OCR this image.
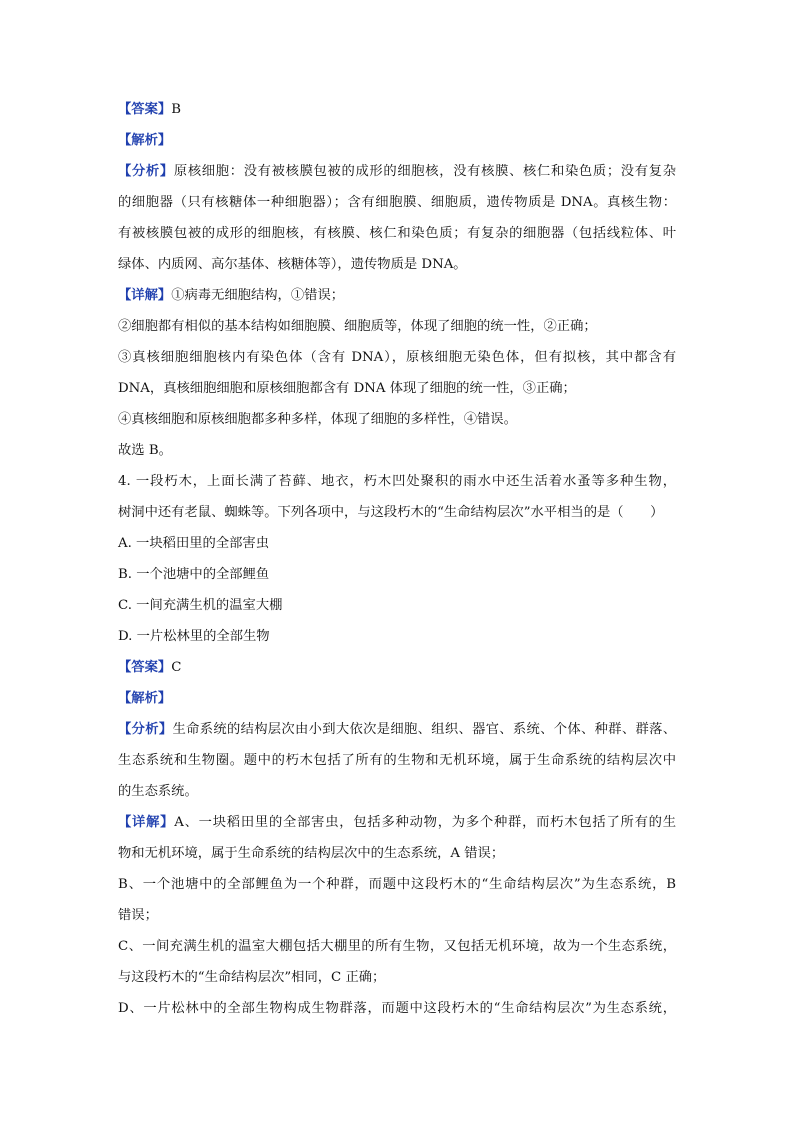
【答案】B
【解析】
【分析】原核细胞：没有被核膜包被的成形的细胞核，没有核膜、核仁和染色质；没有复杂
的细胞器（只有核糖体一种细胞器）；含有细胞膜、细胞质，遗传物质是 DNA。真核生物：
有被核膜包被的成形的细胞核，有核膜、核仁和染色质；有复杂的细胞器（包括线粒体、叶
绿体、内质网、高尔基体、核糖体等），遗传物质是 DNA。
【详解】①病毒无细胞结构，①错误；
②细胞都有相似的基本结构如细胞膜、细胞质等，体现了细胞的统一性，②正确；
③真核细胞细胞核内有染色体（含有 DNA），原核细胞无染色体，但有拟核，其中都含有
DNA，真核细胞细胞和原核细胞都含有 DNA 体现了细胞的统一性，③正确；
④真核细胞和原核细胞都多种多样，体现了细胞的多样性，④错误。
故选 B。
4. 一段朽木，上面长满了苔藓、地衣，朽木凹处聚积的雨水中还生活着水蚤等多种生物，
树洞中还有老鼠、蜘蛛等。下列各项中，与这段朽木的“生命结构层次”水平相当的是（　　）
A. 一块稻田里的全部害虫
B. 一个池塘中的全部鲤鱼
C. 一间充满生机的温室大棚
D. 一片松林里的全部生物
【答案】C
【解析】
【分析】生命系统的结构层次由小到大依次是细胞、组织、器官、系统、个体、种群、群落、
生态系统和生物圈。题中的朽木包括了所有的生物和无机环境，属于生命系统的结构层次中
的生态系统。
【详解】A、一块稻田里的全部害虫，包括多种动物，为多个种群，而朽木包括了所有的生
物和无机环境，属于生命系统的结构层次中的生态系统，A 错误；
B、一个池塘中的全部鲤鱼为一个种群，而题中这段朽木的“生命结构层次”为生态系统，B
错误；
C、一间充满生机的温室大棚包括大棚里的所有生物，又包括无机环境，故为一个生态系统，
与这段朽木的“生命结构层次”相同，C 正确；
D、一片松林中的全部生物构成生物群落，而题中这段朽木的“生命结构层次”为生态系统，
